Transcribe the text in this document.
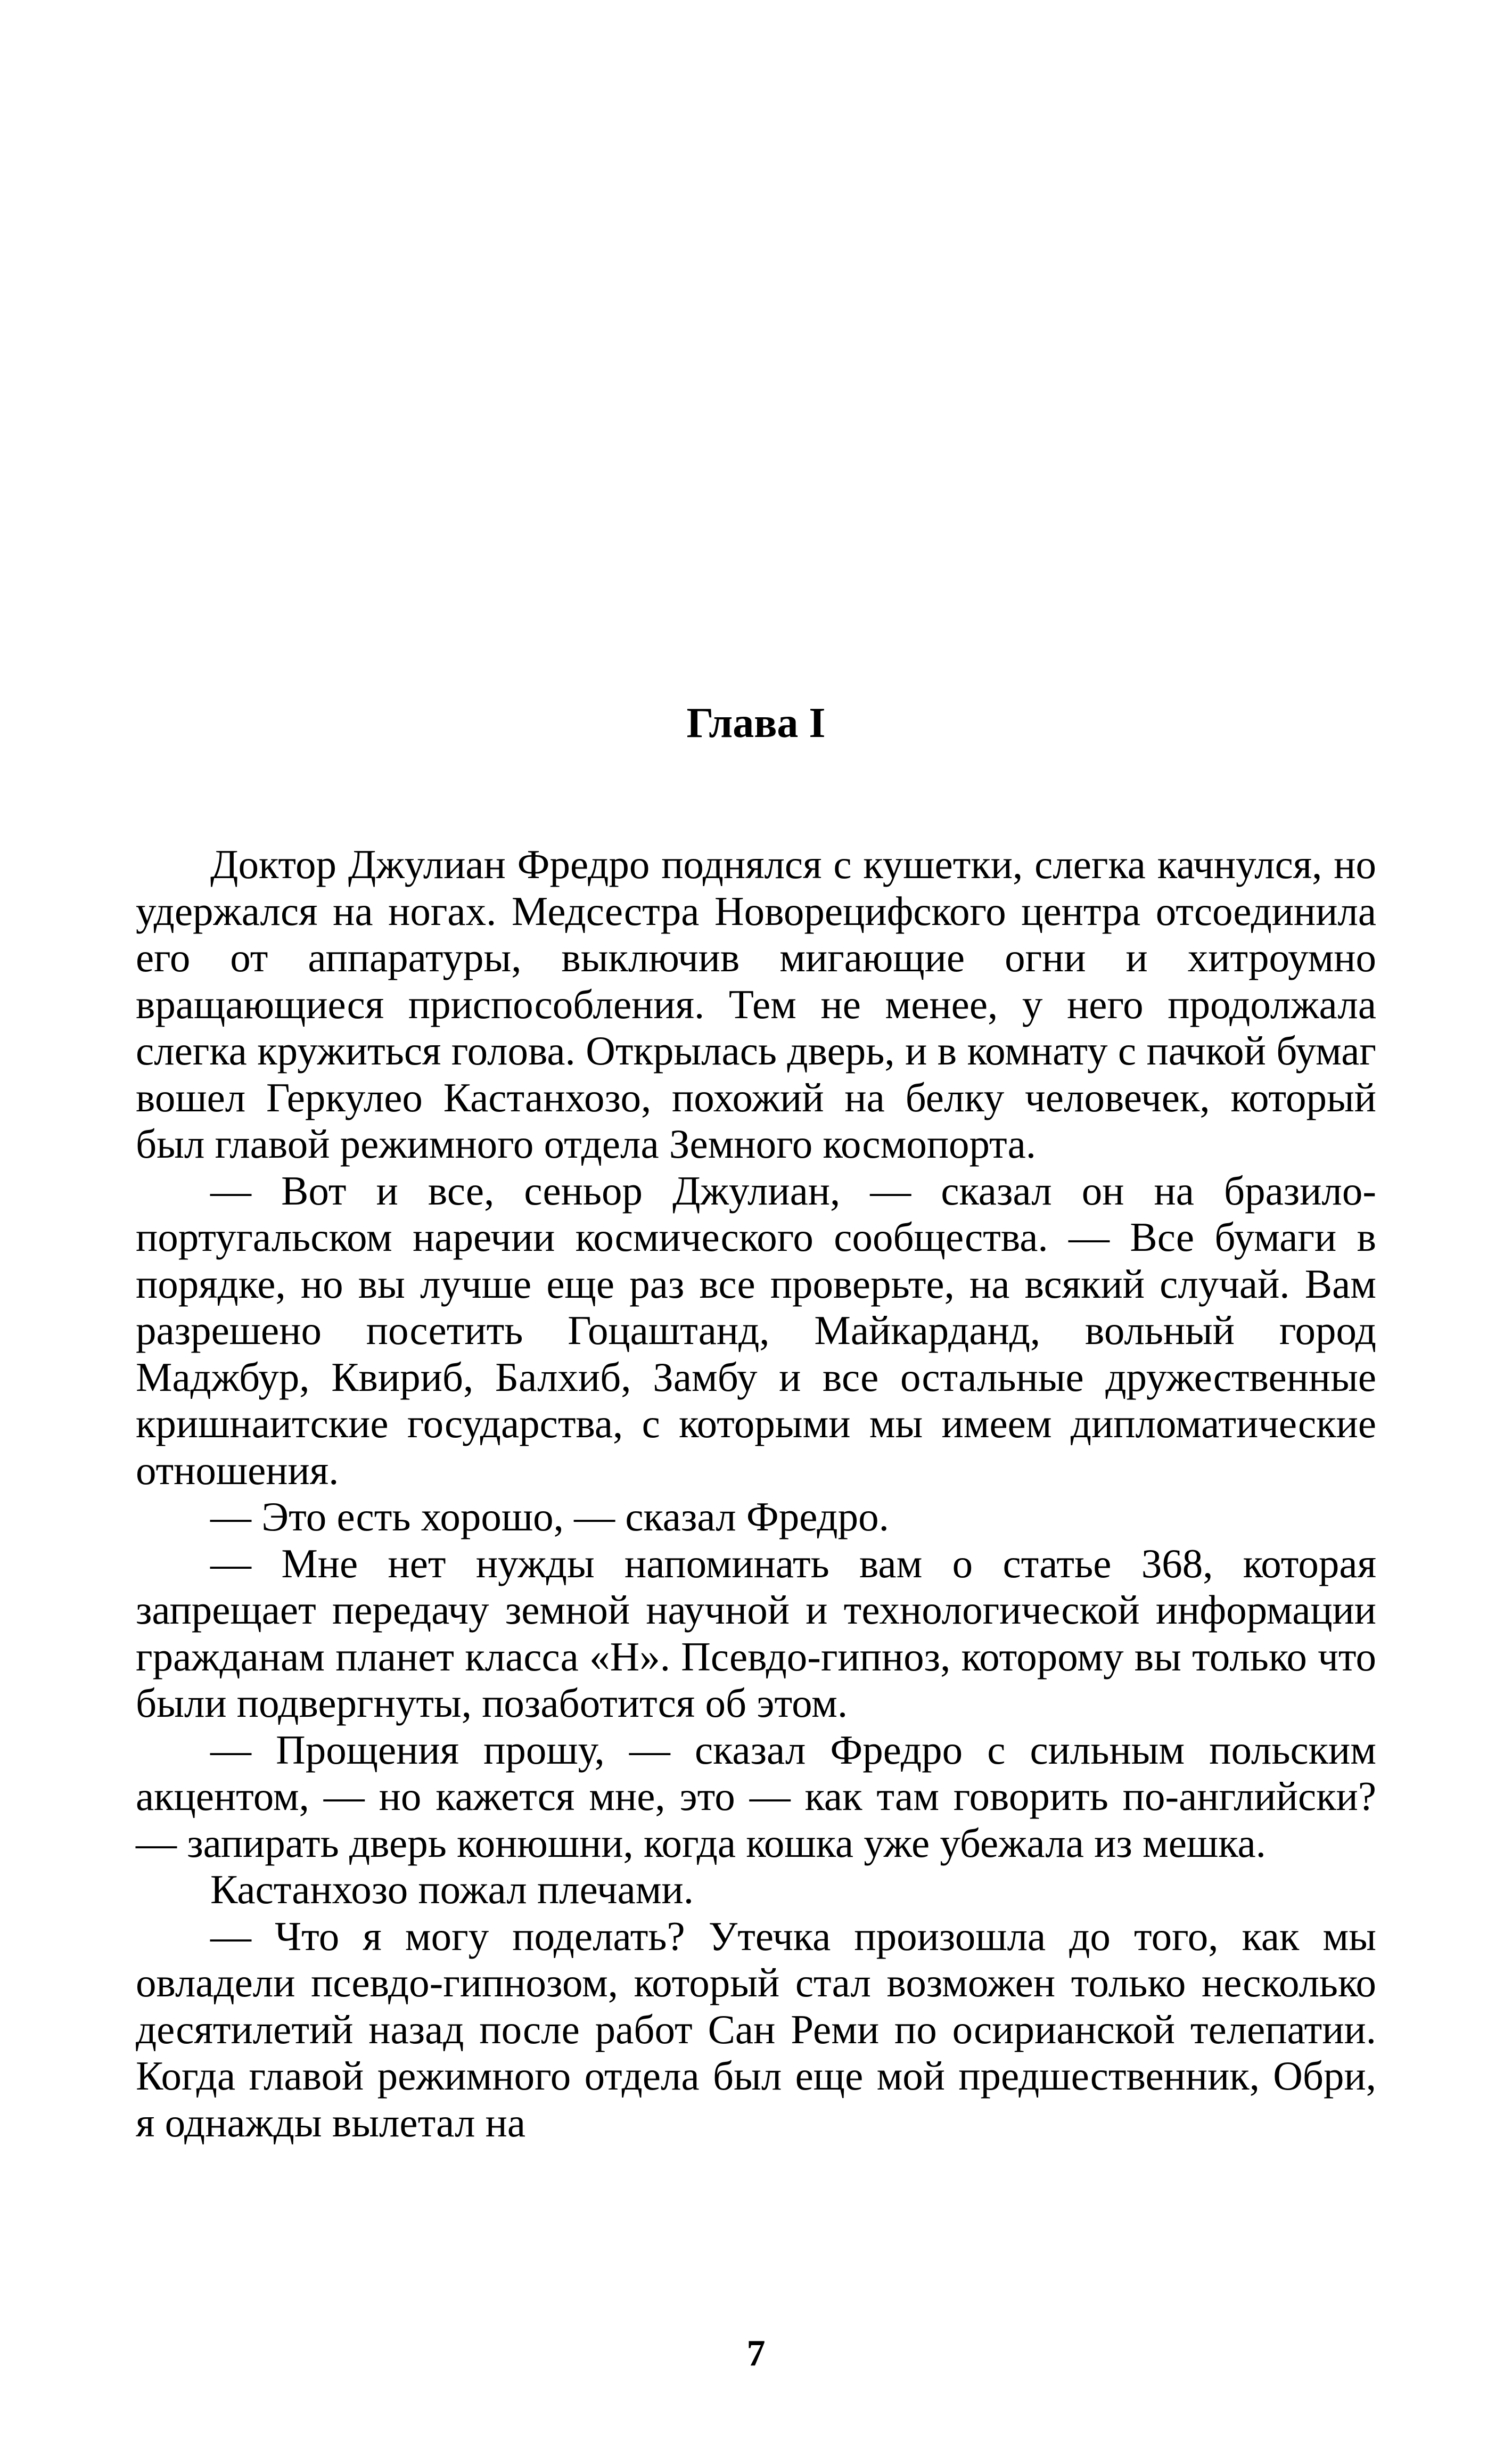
Глава I

Доктор Джулиан Фредро поднялся с кушетки, слегка качнулся, но удержался на ногах. Медсестра Новорецифского центра отсоединила его от аппаратуры, выключив мигающие огни и хитроумно вращающиеся приспособления. Тем не менее, у него продолжала слегка кружиться голова. Открылась дверь, и в комнату с пачкой бумаг вошел Геркулео Кастанхозо, похожий на белку человечек, который был главой режимного отдела Земного космопорта.

— Вот и все, сеньор Джулиан, — сказал он на бразило-португальском наречии космического сообщества. — Все бумаги в порядке, но вы лучше еще раз все проверьте, на всякий случай. Вам разрешено посетить Гоцаштанд, Майкарданд, вольный город Маджбур, Квириб, Балхиб, Замбу и все остальные дружественные кришнаитские государства, с которыми мы имеем дипломатические отношения.

— Это есть хорошо, — сказал Фредро.

— Мне нет нужды напоминать вам о статье 368, которая запрещает передачу земной научной и технологической информации гражданам планет класса «Н». Псевдо-гипноз, которому вы только что были подвергнуты, позаботится об этом.

— Прощения прошу, — сказал Фредро с сильным польским акцентом, — но кажется мне, это — как там говорить по-английски? — запирать дверь конюшни, когда кошка уже убежала из мешка.

Кастанхозо пожал плечами.

— Что я могу поделать? Утечка произошла до того, как мы овладели псевдо-гипнозом, который стал возможен только несколько десятилетий назад после работ Сан Реми по осирианской телепатии. Когда главой режимного отдела был еще мой предшественник, Обри, я однажды вылетал на

7
